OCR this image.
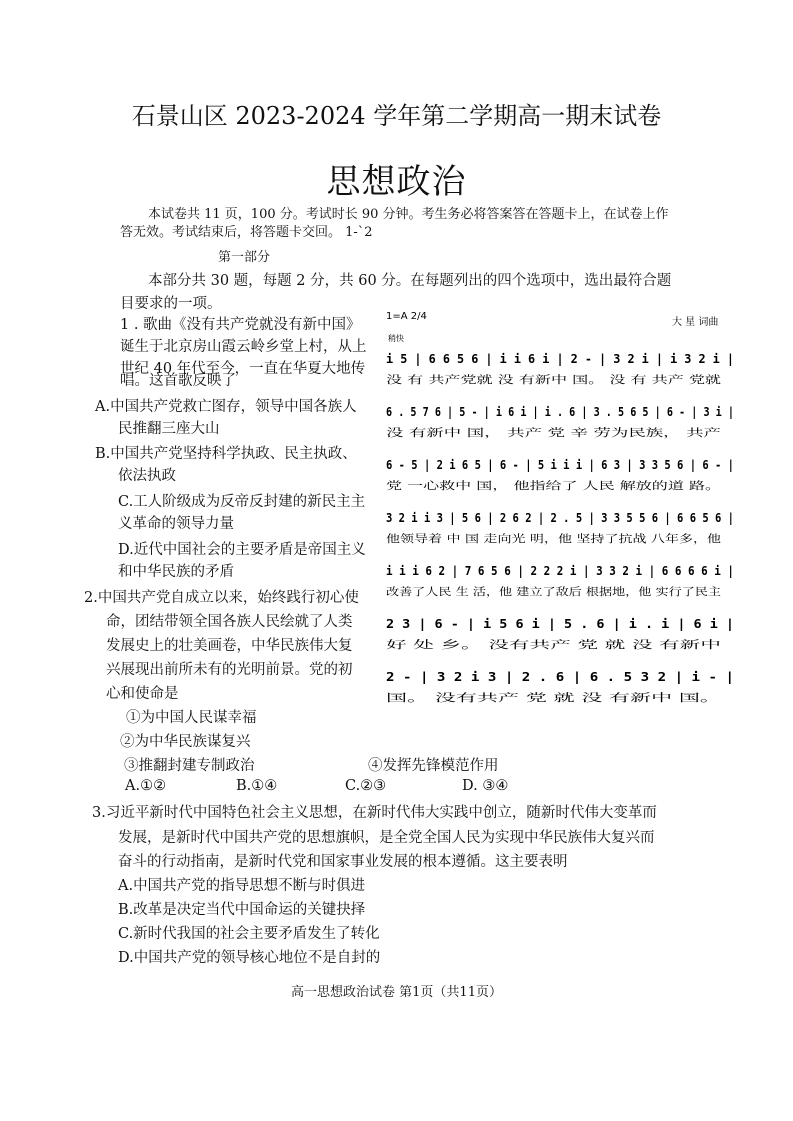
石景山区 2023-2024 学年第二学期高一期末试卷
思想政治
本试卷共 11 页，100 分。考试时长 90 分钟。考生务必将答案答在答题卡上，在试卷上作
答无效。考试结束后，将答题卡交回。 1-`2
第一部分
本部分共 30 题，每题 2 分，共 60 分。在每题列出的四个选项中，选出最符合题
目要求的一项。
1 . 歌曲《没有共产党就没有新中国》
诞生于北京房山霞云岭乡堂上村，从上
世纪 40 年代至今，一直在华夏大地传
唱。这首歌反映了
A.中国共产党救亡图存，领导中国各族人
民推翻三座大山
B.中国共产党坚持科学执政、民主执政、
依法执政
C.工人阶级成为反帝反封建的新民主主
义革命的领导力量
D.近代中国社会的主要矛盾是帝国主义
和中华民族的矛盾
1=A 2/4
大 星 词曲
稍快
i 5 | 6 6 5 6 | i i 6 i | 2 - | 3 2 i | i 3 2 i |
没 有 共产党就 没 有新中 国。 没 有 共产 党就
6 . 5 7 6 | 5 - | i 6 i | i . 6 | 3 . 5 6 5 | 6 - | 3 i |
没 有新中 国， 共产 党 辛 劳为民族， 共产
6 - 5 | 2 i 6 5 | 6 - | 5 i i i | 6 3 | 3 3 5 6 | 6 - |
党 一心救中 国， 他指给了 人民 解放的道 路。
3 2 i i 3 | 5 6 | 2 6 2 | 2 . 5 | 3 3 5 5 6 | 6 6 5 6 |
他领导着 中 国 走向光 明，他 坚持了抗战 八年多，他
i i i 6 2 | 7 6 5 6 | 2 2 2 i | 3 3 2 i | 6 6 6 6 i |
改善了人民 生 活，他 建立了敌后 根据地，他 实行了民主
2 3 | 6 - | i 5 6 i | 5 . 6 | i . i | 6 i |
好 处 乡。 没有共产 党 就 没 有新中
2 - | 3 2 i 3 | 2 . 6 | 6 . 5 3 2 | i - |
国。 没有共产 党 就 没 有新中 国。
2.中国共产党自成立以来，始终践行初心使
命，团结带领全国各族人民绘就了人类
发展史上的壮美画卷，中华民族伟大复
兴展现出前所未有的光明前景。党的初
心和使命是
①为中国人民谋幸福
②为中华民族谋复兴
③推翻封建专制政治	④发挥先锋模范作用
A.①②	B.①④	C.②③	D. ③④
3.习近平新时代中国特色社会主义思想，在新时代伟大实践中创立，随新时代伟大变革而
发展，是新时代中国共产党的思想旗帜，是全党全国人民为实现中华民族伟大复兴而
奋斗的行动指南，是新时代党和国家事业发展的根本遵循。这主要表明
A.中国共产党的指导思想不断与时俱进
B.改革是决定当代中国命运的关键抉择
C.新时代我国的社会主要矛盾发生了转化
D.中国共产党的领导核心地位不是自封的
高一思想政治试卷 第1页（共11页）
